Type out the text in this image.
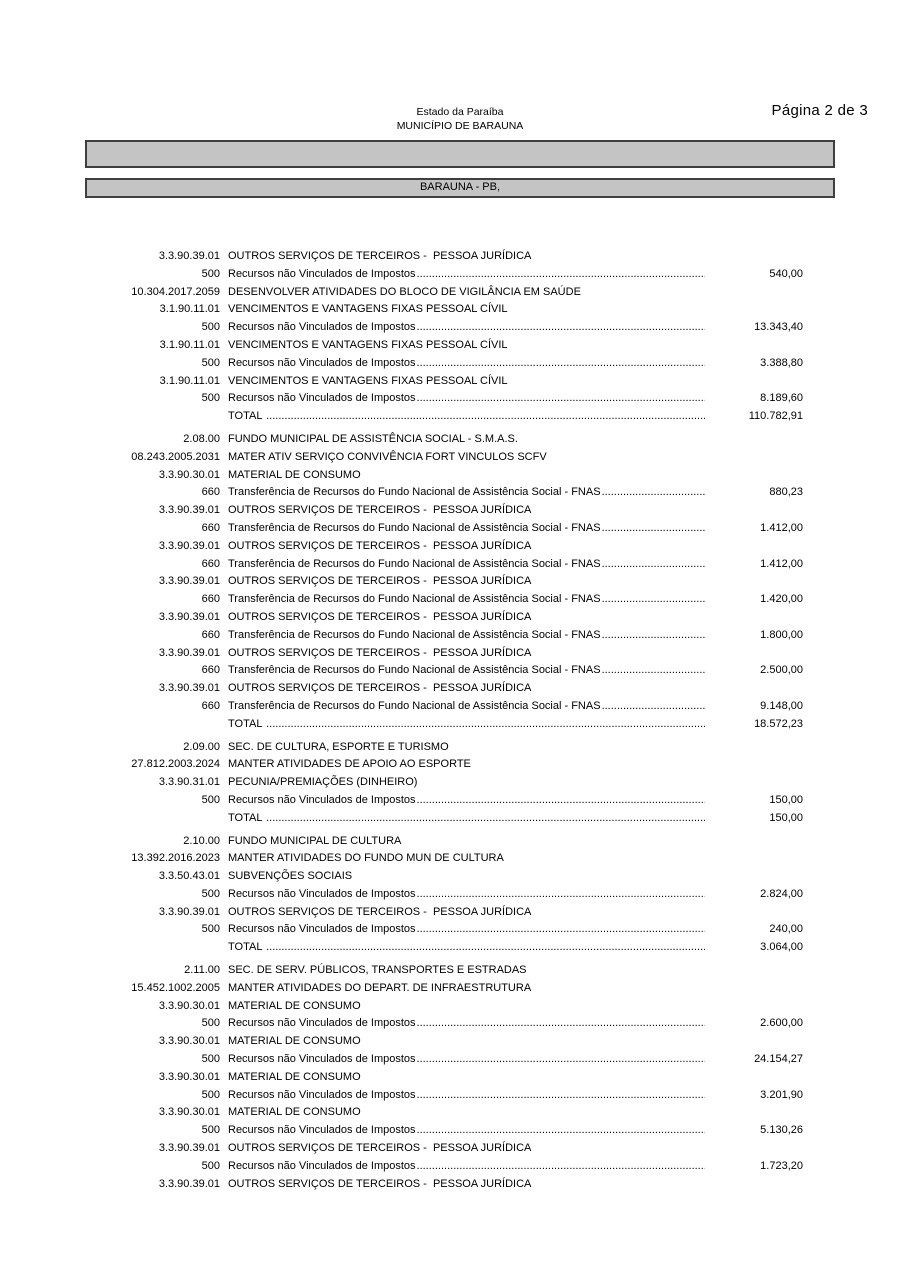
Estado da Paraíba
MUNICÍPIO DE BARAUNA
Página 2 de 3
BARAUNA - PB,
3.3.90.39.01 OUTROS SERVIÇOS DE TERCEIROS -  PESSOA JURÍDICA
500 Recursos não Vinculados de Impostos .....	540,00
10.304.2017.2059 DESENVOLVER ATIVIDADES DO BLOCO DE VIGILÂNCIA EM SAÚDE
3.1.90.11.01 VENCIMENTOS E VANTAGENS FIXAS PESSOAL CÍVIL
500 Recursos não Vinculados de Impostos .....	13.343,40
3.1.90.11.01 VENCIMENTOS E VANTAGENS FIXAS PESSOAL CÍVIL
500 Recursos não Vinculados de Impostos .....	3.388,80
3.1.90.11.01 VENCIMENTOS E VANTAGENS FIXAS PESSOAL CÍVIL
500 Recursos não Vinculados de Impostos .....	8.189,60
TOTAL .....	110.782,91
2.08.00 FUNDO MUNICIPAL DE ASSISTÊNCIA SOCIAL - S.M.A.S.
08.243.2005.2031 MATER ATIV SERVIÇO CONVIVÊNCIA FORT VINCULOS SCFV
3.3.90.30.01 MATERIAL DE CONSUMO
660 Transferência de Recursos do Fundo Nacional de Assistência Social - FNAS .....	880,23
3.3.90.39.01 OUTROS SERVIÇOS DE TERCEIROS -  PESSOA JURÍDICA
660 Transferência de Recursos do Fundo Nacional de Assistência Social - FNAS .....	1.412,00
3.3.90.39.01 OUTROS SERVIÇOS DE TERCEIROS -  PESSOA JURÍDICA
660 Transferência de Recursos do Fundo Nacional de Assistência Social - FNAS .....	1.412,00
3.3.90.39.01 OUTROS SERVIÇOS DE TERCEIROS -  PESSOA JURÍDICA
660 Transferência de Recursos do Fundo Nacional de Assistência Social - FNAS .....	1.420,00
3.3.90.39.01 OUTROS SERVIÇOS DE TERCEIROS -  PESSOA JURÍDICA
660 Transferência de Recursos do Fundo Nacional de Assistência Social - FNAS .....	1.800,00
3.3.90.39.01 OUTROS SERVIÇOS DE TERCEIROS -  PESSOA JURÍDICA
660 Transferência de Recursos do Fundo Nacional de Assistência Social - FNAS .....	2.500,00
3.3.90.39.01 OUTROS SERVIÇOS DE TERCEIROS -  PESSOA JURÍDICA
660 Transferência de Recursos do Fundo Nacional de Assistência Social - FNAS .....	9.148,00
TOTAL .....	18.572,23
2.09.00 SEC. DE CULTURA, ESPORTE E TURISMO
27.812.2003.2024 MANTER ATIVIDADES DE APOIO AO ESPORTE
3.3.90.31.01 PECUNIA/PREMIAÇÕES (DINHEIRO)
500 Recursos não Vinculados de Impostos .....	150,00
TOTAL .....	150,00
2.10.00 FUNDO MUNICIPAL DE CULTURA
13.392.2016.2023 MANTER ATIVIDADES DO FUNDO MUN DE CULTURA
3.3.50.43.01 SUBVENÇÕES SOCIAIS
500 Recursos não Vinculados de Impostos .....	2.824,00
3.3.90.39.01 OUTROS SERVIÇOS DE TERCEIROS -  PESSOA JURÍDICA
500 Recursos não Vinculados de Impostos .....	240,00
TOTAL .....	3.064,00
2.11.00 SEC. DE SERV. PÚBLICOS, TRANSPORTES E ESTRADAS
15.452.1002.2005 MANTER ATIVIDADES DO DEPART. DE INFRAESTRUTURA
3.3.90.30.01 MATERIAL DE CONSUMO
500 Recursos não Vinculados de Impostos .....	2.600,00
3.3.90.30.01 MATERIAL DE CONSUMO
500 Recursos não Vinculados de Impostos .....	24.154,27
3.3.90.30.01 MATERIAL DE CONSUMO
500 Recursos não Vinculados de Impostos .....	3.201,90
3.3.90.30.01 MATERIAL DE CONSUMO
500 Recursos não Vinculados de Impostos .....	5.130,26
3.3.90.39.01 OUTROS SERVIÇOS DE TERCEIROS -  PESSOA JURÍDICA
500 Recursos não Vinculados de Impostos .....	1.723,20
3.3.90.39.01 OUTROS SERVIÇOS DE TERCEIROS -  PESSOA JURÍDICA
